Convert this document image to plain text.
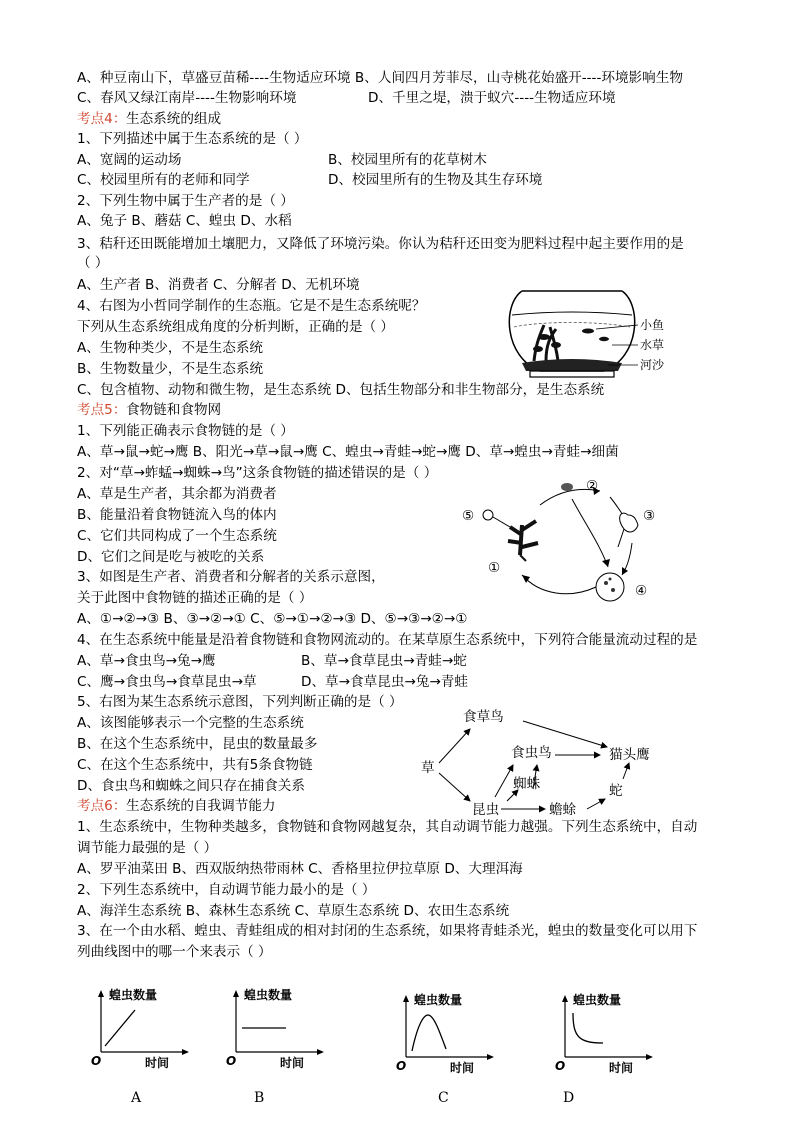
A、种豆南山下，草盛豆苗稀----生物适应环境 B、人间四月芳菲尽，山寺桃花始盛开----环境影响生物
C、春风又绿江南岸----生物影响环境	D、千里之堤，溃于蚁穴----生物适应环境
考点4： 生态系统的组成
1、下列描述中属于生态系统的是（ ）
A、宽阔的运动场	B、校园里所有的花草树木
C、校园里所有的老师和同学	D、校园里所有的生物及其生存环境
2、下列生物中属于生产者的是（ ）
A、兔子 B、蘑菇 C、蝗虫 D、水稻
3、秸秆还田既能增加土壤肥力，又降低了环境污染。你认为秸秆还田变为肥料过程中起主要作用的是
（ ）
A、生产者 B、消费者 C、分解者 D、无机环境
4、右图为小哲同学制作的生态瓶。它是不是生态系统呢？
下列从生态系统组成角度的分析判断，正确的是（ ）
A、生物种类少，不是生态系统
B、生物数量少，不是生态系统
C、包含植物、动物和微生物，是生态系统 D、包括生物部分和非生物部分，是生态系统
考点5： 食物链和食物网
1、下列能正确表示食物链的是（ ）
A、草→鼠→蛇→鹰 B、阳光→草→鼠→鹰 C、蝗虫→青蛙→蛇→鹰 D、草→蝗虫→青蛙→细菌
2、对“草→蚱蜢→蜘蛛→鸟”这条食物链的描述错误的是（ ）
A、草是生产者，其余都为消费者
B、能量沿着食物链流入鸟的体内
C、它们共同构成了一个生态系统
D、它们之间是吃与被吃的关系
3、如图是生产者、消费者和分解者的关系示意图，
关于此图中食物链的描述正确的是（ ）
A、①→②→③ B、③→②→① C、⑤→①→②→③ D、⑤→③→②→①
4、在生态系统中能量是沿着食物链和食物网流动的。在某草原生态系统中，下列符合能量流动过程的是
A、草→食虫鸟→兔→鹰	B、草→食草昆虫→青蛙→蛇
C、鹰→食虫鸟→食草昆虫→草	D、草→食草昆虫→兔→青蛙
5、右图为某生态系统示意图，下列判断正确的是（ ）
A、该图能够表示一个完整的生态系统
B、在这个生态系统中，昆虫的数量最多
C、在这个生态系统中，共有5条食物链
D、食虫鸟和蜘蛛之间只存在捕食关系
考点6： 生态系统的自我调节能力
1、生态系统中，生物种类越多，食物链和食物网越复杂，其自动调节能力越强。下列生态系统中，自动
调节能力最强的是（ ）
A、罗平油菜田 B、西双版纳热带雨林 C、香格里拉伊拉草原 D、大理洱海
2、下列生态系统中，自动调节能力最小的是（ ）
A、海洋生态系统 B、森林生态系统 C、草原生态系统 D、农田生态系统
3、在一个由水稻、蝗虫、青蛙组成的相对封闭的生态系统，如果将青蛙杀光，蝗虫的数量变化可以用下
列曲线图中的哪一个来表示（ ）
小鱼
水草
河沙
⑤
①
②
③
④
草
食草鸟
食虫鸟	猫头鹰
蜘蛛
昆虫	蟾蜍
蛇
蝗虫数量
时间
O
A
蝗虫数量
时间
O
B
蝗虫数量
时间
O
C
蝗虫数量
时间
O
D
